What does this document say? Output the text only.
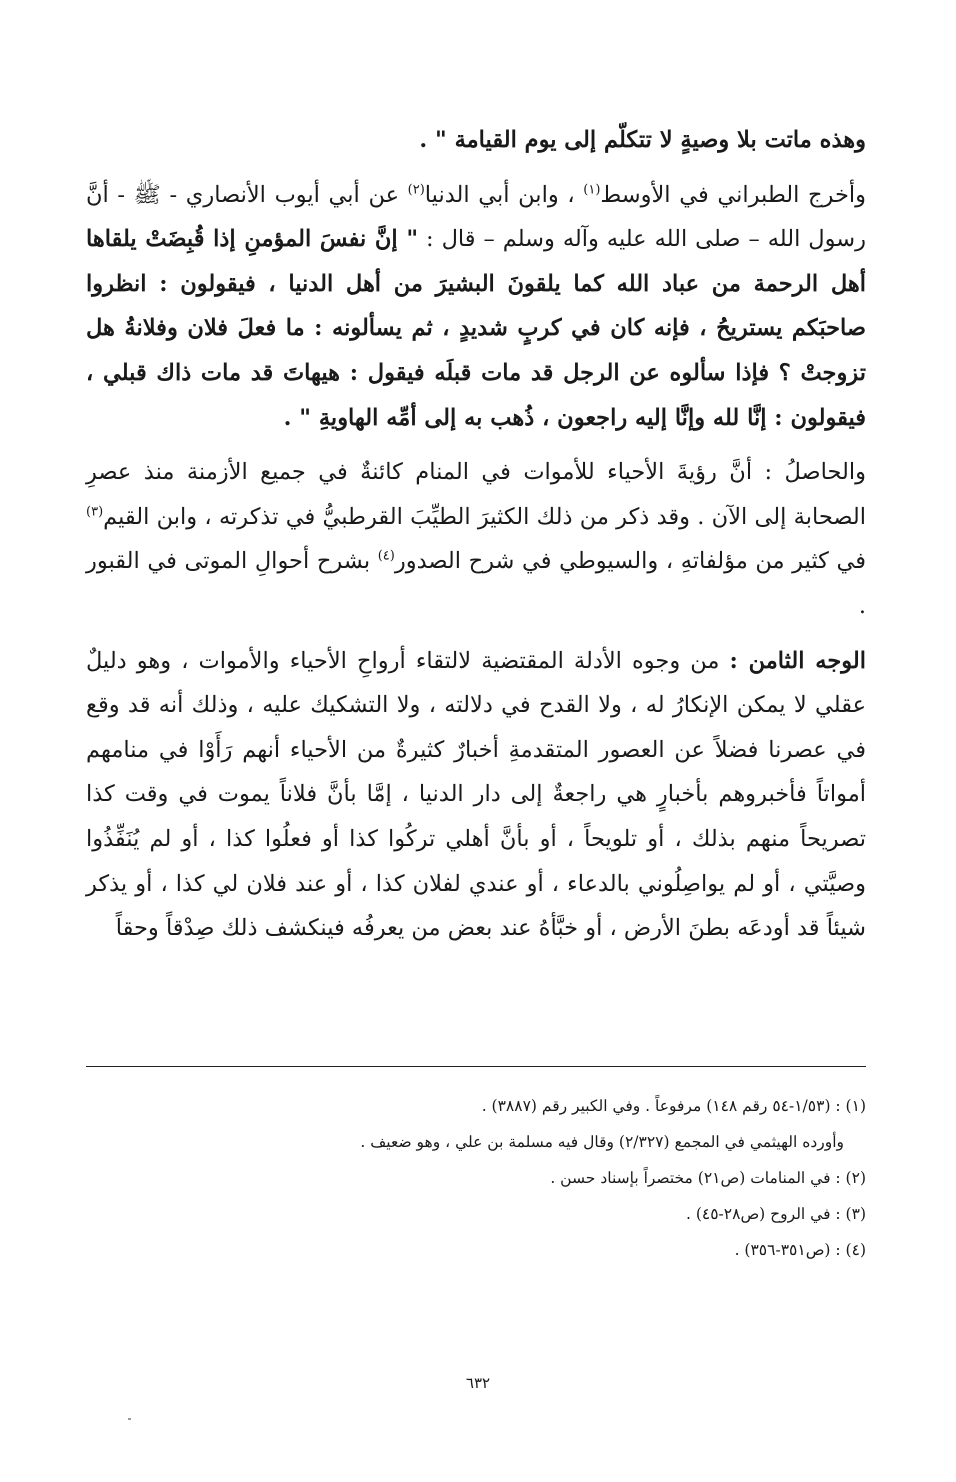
وهذه ماتت بلا وصيةٍ لا تتكلّم إلى يوم القيامة " .

وأخرج الطبراني في الأوسط$^{(١)}$ ، وابن أبي الدنيا$^{(٢)}$ عن أبي أيوب الأنصاري - ﷺ - أنَّ رسول الله – صلى الله عليه وآله وسلم – قال : " إنَّ نفسَ المؤمنِ إذا قُبِضَتْ يلقاها أهل الرحمة من عباد الله كما يلقونَ البشيرَ من أهل الدنيا ، فيقولون : انظروا صاحبَكم يستريحُ ، فإنه كان في كربٍ شديدٍ ، ثم يسألونه : ما فعلَ فلان وفلانةُ هل تزوجتْ ؟ فإذا سألوه عن الرجل قد مات قبلَه فيقول : هيهاتَ قد مات ذاك قبلي ، فيقولون : إنَّا لله وإنَّا إليه راجعون ، ذُهب به إلى أمِّه الهاويةِ " .

والحاصلُ : أنَّ رؤيةَ الأحياء للأموات في المنام كائنةٌ في جميع الأزمنة منذ عصرِ الصحابة إلى الآن . وقد ذكر من ذلك الكثيرَ الطيِّبَ القرطبيُّ في تذكرته ، وابن القيم$^{(٣)}$ في كثير من مؤلفاتهِ ، والسيوطي في شرح الصدور$^{(٤)}$ بشرح أحوالِ الموتى في القبور .

الوجه الثامن : من وجوه الأدلة المقتضية لالتقاء أرواحِ الأحياء والأموات ، وهو دليلٌ عقلي لا يمكن الإنكارُ له ، ولا القدح في دلالته ، ولا التشكيك عليه ، وذلك أنه قد وقع في عصرنا فضلاً عن العصور المتقدمةِ أخبارٌ كثيرةٌ من الأحياء أنهم رَأَوْا في منامهم أمواتاً فأخبروهم بأخبارٍ هي راجعةٌ إلى دار الدنيا ، إمَّا بأنَّ فلاناً يموت في وقت كذا تصريحاً منهم بذلك ، أو تلويحاً ، أو بأنَّ أهلي تركُوا كذا أو فعلُوا كذا ، أو لم يُنَفِّذُوا وصيَّتي ، أو لم يواصِلُوني بالدعاء ، أو عندي لفلان كذا ، أو عند فلان لي كذا ، أو يذكر شيئاً قد أودعَه بطنَ الأرض ، أو خبَّأهُ عند بعض من يعرفُه فينكشف ذلك صِدْقاً وحقاً

(١) : (١/٥٣-٥٤ رقم ١٤٨) مرفوعاً . وفي الكبير رقم (٣٨٨٧) .

وأورده الهيثمي في المجمع (٢/٣٢٧) وقال فيه مسلمة بن علي ، وهو ضعيف .

(٢) : في المنامات (ص٢١) مختصراً بإسناد حسن .

(٣) : في الروح (ص٢٨-٤٥) .

(٤) : (ص٣٥١-٣٥٦) .

٦٣٢
